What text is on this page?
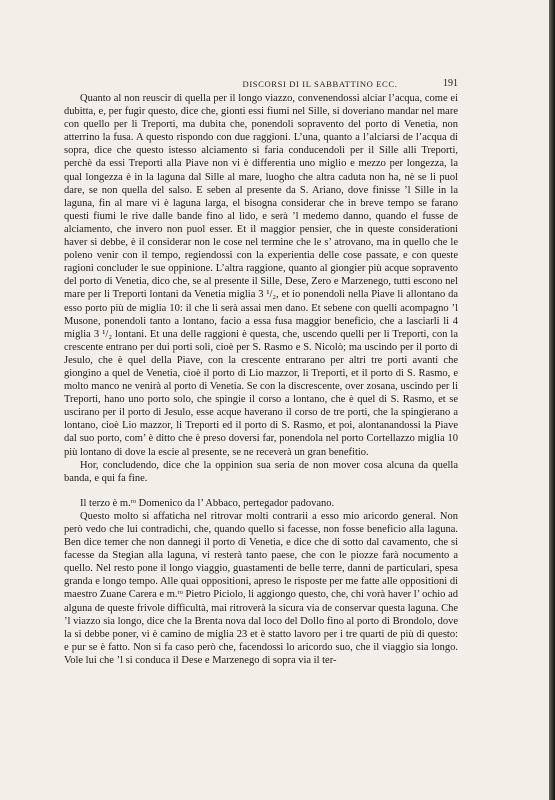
DISCORSI DI IL SABBATTINO ECC.	191

Quanto al non reuscir di quella per il longo viazzo, convenendossi alciar l’acqua, come ei dubitta, e, per fugir questo, dice che, gionti essi fiumi nel Sille, si doveriano mandar nel mare con quello per li Treporti, ma dubita che, ponendoli sopravento del porto di Venetia, non atterrino la fusa. A questo rispondo con due raggioni. L’una, quanto a l’alciarsi de l’acqua di sopra, dice che questo istesso alciamento si faria conducendoli per il Sille alli Treporti, perchè da essi Treporti alla Piave non vi è differentia uno miglio e mezzo per longezza, la qual longezza è in la laguna dal Sille al mare, luogho che altra caduta non ha, nè se li puol dare, se non quella del salso. E seben al presente da S. Ariano, dove finisse ’l Sille in la laguna, fin al mare vi è laguna larga, el bisogna considerar che in breve tempo se farano questi fiumi le rive dalle bande fino al lido, e serà ’l medemo danno, quando el fusse de alciamento, che invero non puol esser. Et il maggior pensier, che in queste considerationi haver si debbe, è il considerar non le cose nel termine che le s’ atrovano, ma in quello che le poleno venir con il tempo, regiendossi con la experientia delle cose passate, e con queste ragioni concluder le sue oppinione. L’altra raggione, quanto al giongier più acque sopravento del porto di Venetia, dico che, se al presente il Sille, Dese, Zero e Marzenego, tutti escono nel mare per li Treporti lontani da Venetia miglia 3 ¹/₂, et io ponendoli nella Piave li allontano da esso porto più de miglia 10: il che li serà assai men dano. Et sebene con quelli acompagno ’l Musone, ponendoli tanto a lontano, facio a essa fusa maggior beneficio, che a lasciarli li 4 miglia 3 ¹/₂ lontani. Et una delle raggioni è questa, che, uscendo quelli per li Treporti, con la crescente entrano per dui porti soli, cioè per S. Rasmo e S. Nicolò; ma uscindo per il porto di Jesulo, che è quel della Piave, con la crescente entrarano per altri tre porti avanti che giongino a quel de Venetia, cioè il porto di Lio mazzor, li Treporti, et il porto di S. Rasmo, e molto manco ne venirà al porto di Venetia. Se con la discrescente, over zosana, uscindo per li Treporti, hano uno porto solo, che spingie il corso a lontano, che è quel di S. Rasmo, et se uscirano per il porto di Jesulo, esse acque haverano il corso de tre porti, che la spingierano a lontano, cioè Lio mazzor, li Treporti ed il porto di S. Rasmo, et poi, alontanandossi la Piave dal suo porto, com’ è ditto che è preso doversi far, ponendola nel porto Cortellazzo miglia 10 più lontano di dove la escie al presente, se ne receverà un gran benefitio.

Hor, concludendo, dice che la oppinion sua seria de non mover cosa alcuna da quella banda, e qui fa fine.

Il terzo è m.ʳᵒ Domenico da l’ Abbaco, pertegador padovano.

Questo molto si affaticha nel ritrovar molti contrarii a esso mio aricordo general. Non però vedo che lui contradichi, che, quando quello si facesse, non fosse beneficio alla laguna. Ben dice temer che non dannegi il porto di Venetia, e dice che di sotto dal cavamento, che si facesse da Stegian alla laguna, vi resterà tanto paese, che con le piozze farà nocumento a quello. Nel resto pone il longo viaggio, guastamenti de belle terre, danni de particulari, spesa granda e longo tempo. Alle quai oppositioni, apreso le risposte per me fatte alle oppositioni di maestro Zuane Carera e m.ʳᵒ Pietro Piciolo, li aggiongo questo, che, chi vorà haver l’ ochio ad alguna de queste frivole difficultà, mai ritroverà la sicura via de conservar questa laguna. Che ’l viazzo sia longo, dice che la Brenta nova dal loco del Dollo fino al porto di Brondolo, dove la si debbe poner, vi è camino de miglia 23 et è statto lavoro per i tre quarti de più di questo: e pur se è fatto. Non si fa caso però che, facendossi lo aricordo suo, che il viaggio sia longo. Vole lui che ’l si conduca il Dese e Marzenego di sopra via il ter-
